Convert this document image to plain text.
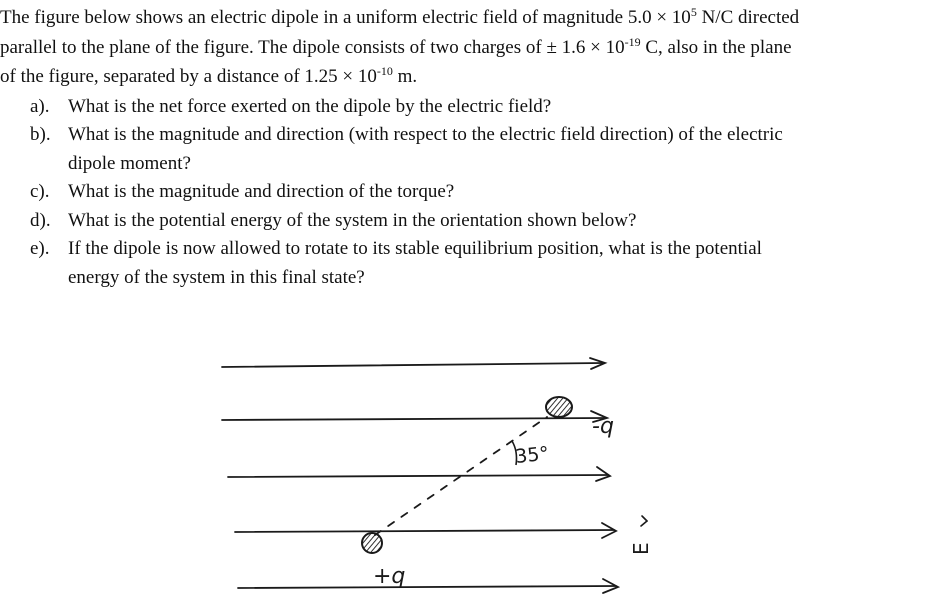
The figure below shows an electric dipole in a uniform electric field of magnitude $5.0 \times 10^5$ N/C directed
parallel to the plane of the figure. The dipole consists of two charges of ± $1.6 \times 10^{-19}$ C, also in the plane
of the figure, separated by a distance of $1.25 \times 10^{-10}$ m.

a). What is the net force exerted on the dipole by the electric field?
b). What is the magnitude and direction (with respect to the electric field direction) of the electric
dipole moment?
c). What is the magnitude and direction of the torque?
d). What is the potential energy of the system in the orientation shown below?
e). If the dipole is now allowed to rotate to its stable equilibrium position, what is the potential
energy of the system in this final state?
35°
-q
+q
E
